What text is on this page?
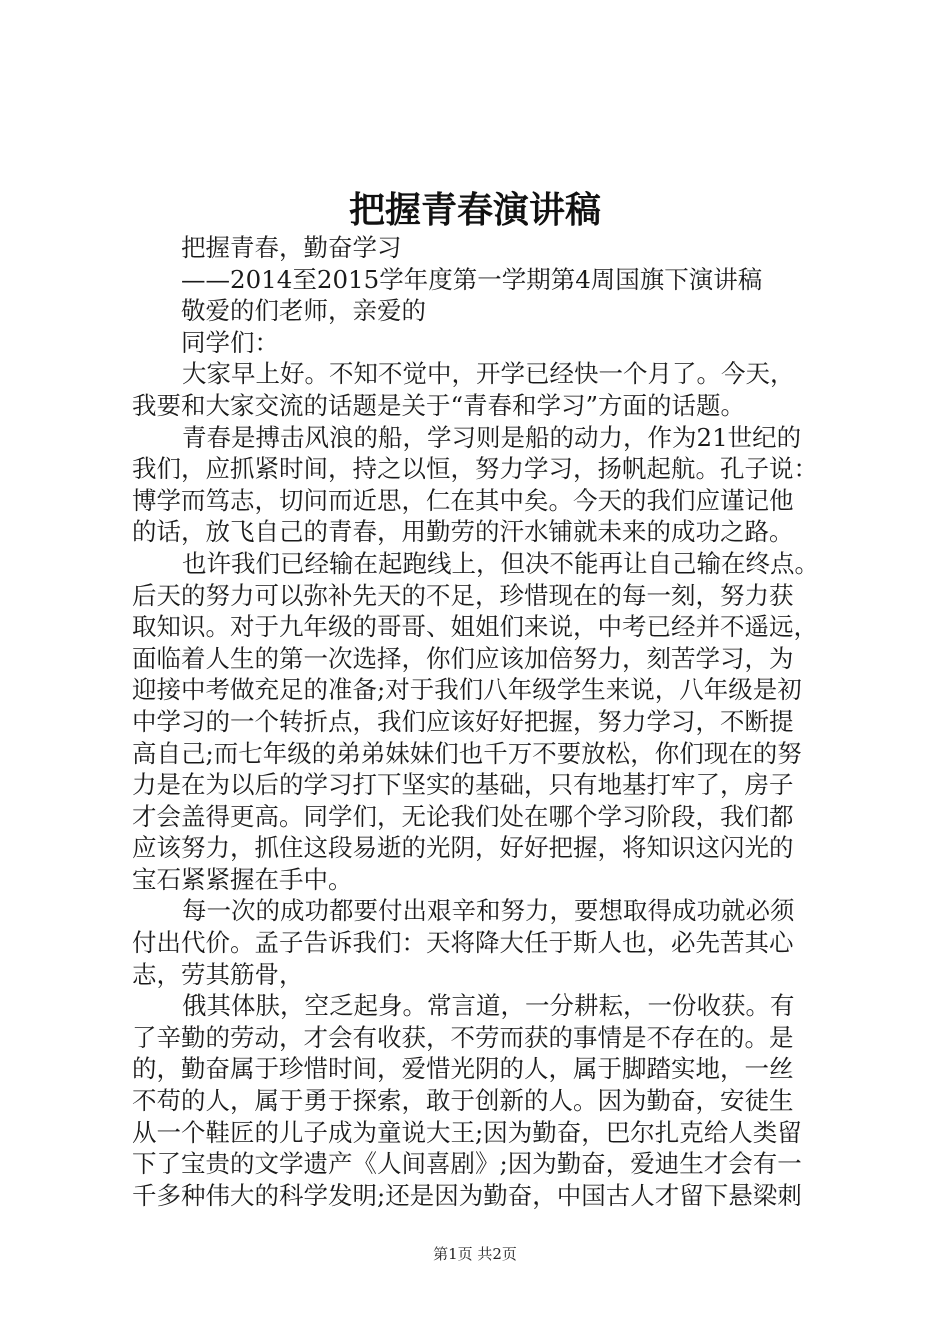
把握青春演讲稿
把握青春，勤奋学习
——2014至2015学年度第一学期第4周国旗下演讲稿
敬爱的们老师，亲爱的
同学们：
大家早上好。不知不觉中，开学已经快一个月了。今天，
我要和大家交流的话题是关于“青春和学习”方面的话题。
青春是搏击风浪的船，学习则是船的动力，作为21世纪的
我们，应抓紧时间，持之以恒，努力学习，扬帆起航。孔子说：
博学而笃志，切问而近思，仁在其中矣。今天的我们应谨记他
的话，放飞自己的青春，用勤劳的汗水铺就未来的成功之路。
也许我们已经输在起跑线上，但决不能再让自己输在终点。
后天的努力可以弥补先天的不足，珍惜现在的每一刻，努力获
取知识。对于九年级的哥哥、姐姐们来说，中考已经并不遥远，
面临着人生的第一次选择，你们应该加倍努力，刻苦学习，为
迎接中考做充足的准备;对于我们八年级学生来说，八年级是初
中学习的一个转折点，我们应该好好把握，努力学习，不断提
高自己;而七年级的弟弟妹妹们也千万不要放松，你们现在的努
力是在为以后的学习打下坚实的基础，只有地基打牢了，房子
才会盖得更高。同学们，无论我们处在哪个学习阶段，我们都
应该努力，抓住这段易逝的光阴，好好把握，将知识这闪光的
宝石紧紧握在手中。
每一次的成功都要付出艰辛和努力，要想取得成功就必须
付出代价。孟子告诉我们：天将降大任于斯人也，必先苦其心
志，劳其筋骨，
俄其体肤，空乏起身。常言道，一分耕耘，一份收获。有
了辛勤的劳动，才会有收获，不劳而获的事情是不存在的。是
的，勤奋属于珍惜时间，爱惜光阴的人，属于脚踏实地，一丝
不苟的人，属于勇于探索，敢于创新的人。因为勤奋，安徒生
从一个鞋匠的儿子成为童说大王;因为勤奋，巴尔扎克给人类留
下了宝贵的文学遗产《人间喜剧》;因为勤奋，爱迪生才会有一
千多种伟大的科学发明;还是因为勤奋，中国古人才留下悬梁刺

第1页 共2页
